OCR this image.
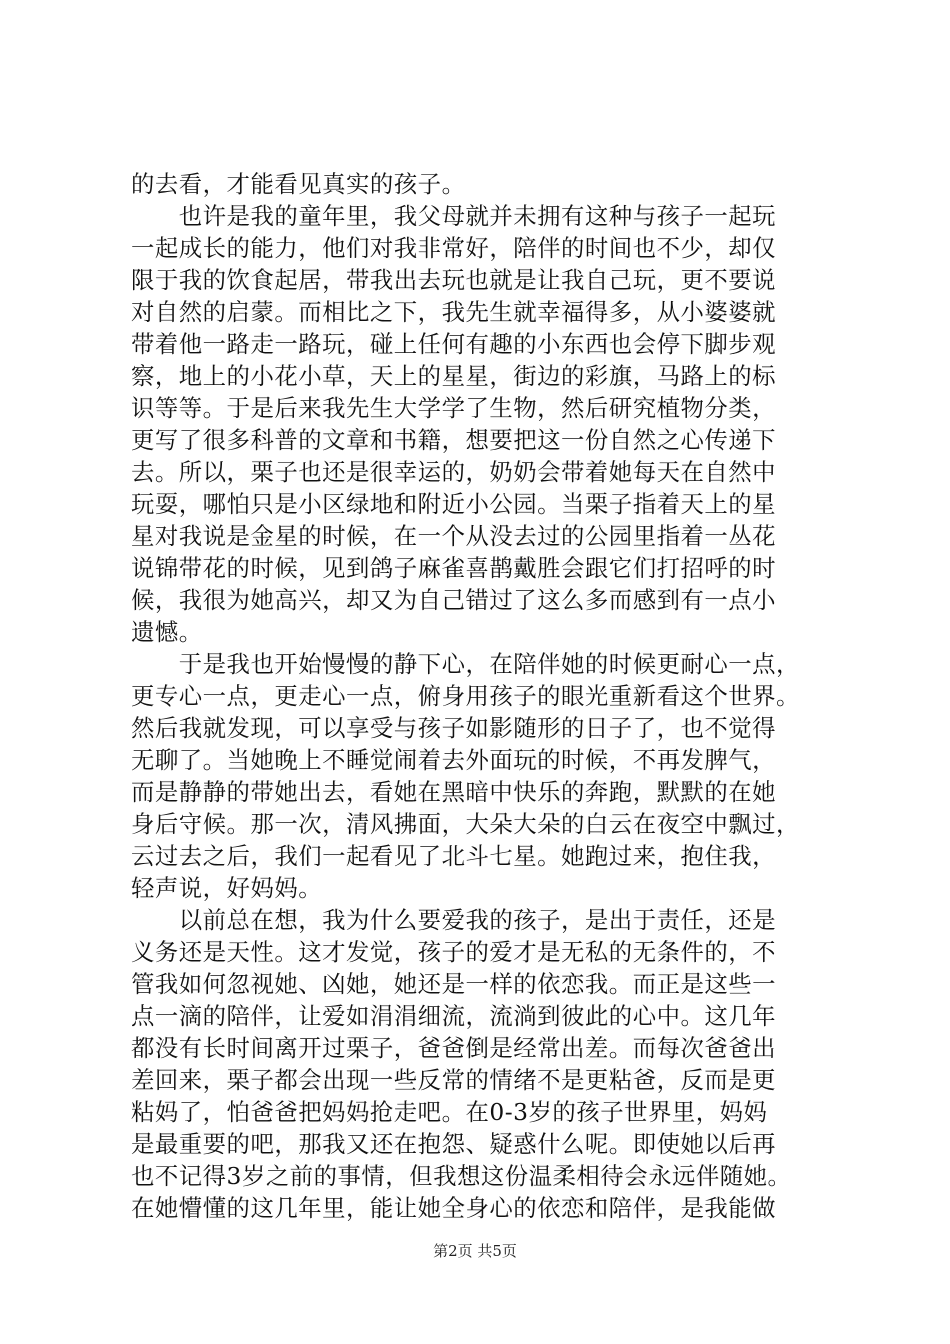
的去看，才能看见真实的孩子。
　　也许是我的童年里，我父母就并未拥有这种与孩子一起玩
一起成长的能力，他们对我非常好，陪伴的时间也不少，却仅
限于我的饮食起居，带我出去玩也就是让我自己玩，更不要说
对自然的启蒙。而相比之下，我先生就幸福得多，从小婆婆就
带着他一路走一路玩，碰上任何有趣的小东西也会停下脚步观
察，地上的小花小草，天上的星星，街边的彩旗，马路上的标
识等等。于是后来我先生大学学了生物，然后研究植物分类，
更写了很多科普的文章和书籍，想要把这一份自然之心传递下
去。所以，栗子也还是很幸运的，奶奶会带着她每天在自然中
玩耍，哪怕只是小区绿地和附近小公园。当栗子指着天上的星
星对我说是金星的时候，在一个从没去过的公园里指着一丛花
说锦带花的时候，见到鸽子麻雀喜鹊戴胜会跟它们打招呼的时
候，我很为她高兴，却又为自己错过了这么多而感到有一点小
遗憾。
　　于是我也开始慢慢的静下心，在陪伴她的时候更耐心一点，
更专心一点，更走心一点，俯身用孩子的眼光重新看这个世界。
然后我就发现，可以享受与孩子如影随形的日子了，也不觉得
无聊了。当她晚上不睡觉闹着去外面玩的时候，不再发脾气，
而是静静的带她出去，看她在黑暗中快乐的奔跑，默默的在她
身后守候。那一次，清风拂面，大朵大朵的白云在夜空中飘过，
云过去之后，我们一起看见了北斗七星。她跑过来，抱住我，
轻声说，好妈妈。
　　以前总在想，我为什么要爱我的孩子，是出于责任，还是
义务还是天性。这才发觉，孩子的爱才是无私的无条件的，不
管我如何忽视她、凶她，她还是一样的依恋我。而正是这些一
点一滴的陪伴，让爱如涓涓细流，流淌到彼此的心中。这几年
都没有长时间离开过栗子，爸爸倒是经常出差。而每次爸爸出
差回来，栗子都会出现一些反常的情绪不是更粘爸，反而是更
粘妈了，怕爸爸把妈妈抢走吧。在0-3岁的孩子世界里，妈妈
是最重要的吧，那我又还在抱怨、疑惑什么呢。即使她以后再
也不记得3岁之前的事情，但我想这份温柔相待会永远伴随她。
在她懵懂的这几年里，能让她全身心的依恋和陪伴，是我能做
第2页 共5页
